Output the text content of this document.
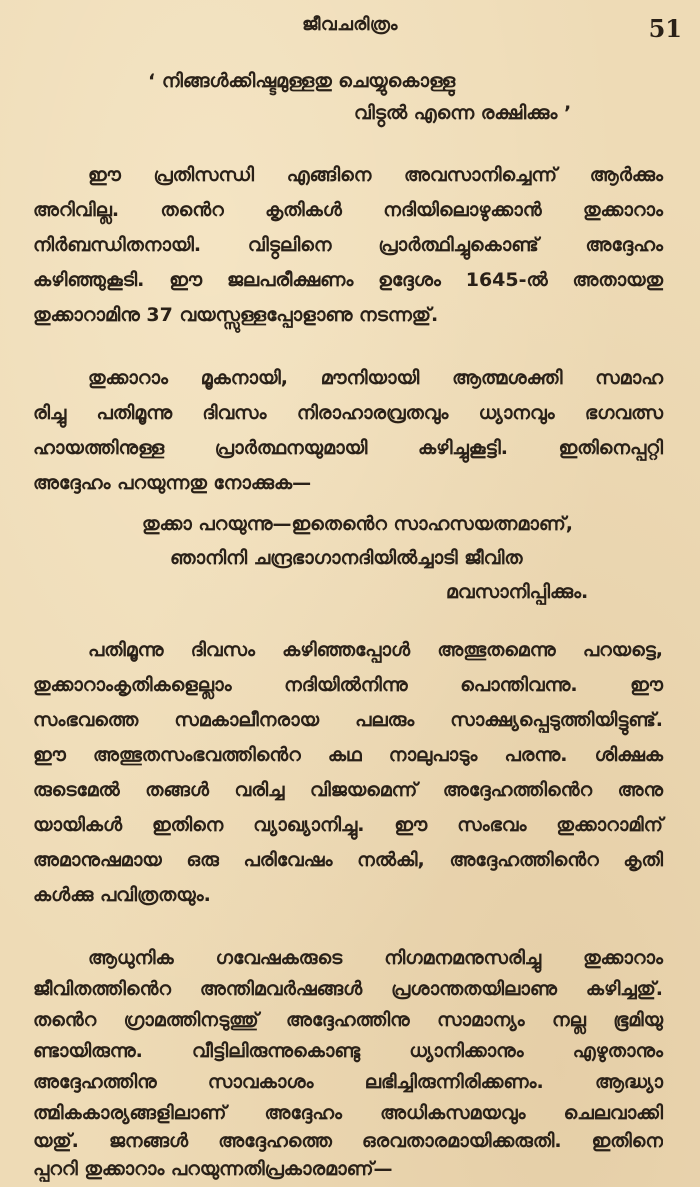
ജീവചരിത്രം	51
‘ നിങ്ങൾക്കിഷ്ടമുള്ളതു ചെയ്യുകൊള്ളു
വിട്ഠൽ എന്നെ രക്ഷിക്കും ’
ഈ പ്രതിസന്ധി എങ്ങിനെ അവസാനിച്ചെന്ന് ആർക്കും
അറിവില്ല. തൻെറ കൃതികൾ നദിയിലൊഴുക്കാൻ തുക്കാറാം
നിർബന്ധിതനായി. വിട്ഠലിനെ പ്രാർത്ഥിച്ചുകൊണ്ട് അദ്ദേഹം
കഴിഞ്ഞുകൂടി. ഈ ജലപരീക്ഷണം ഉദ്ദേശം 1645-ൽ അതായതു
തുക്കാറാമിനു 37 വയസ്സുള്ളപ്പോളാണു നടന്നതു്.
തുക്കാറാം മൂകനായി, മൗനിയായി ആത്മശക്തി സമാഹ
രിച്ചു പതിമൂന്നു ദിവസം നിരാഹാരവ്രതവും ധ്യാനവും ഭഗവത്സ
ഹായത്തിനുള്ള പ്രാർത്ഥനയുമായി കഴിച്ചുകൂട്ടി. ഇതിനെപ്പറ്റി
അദ്ദേഹം പറയുന്നതു നോക്കുക—
തുക്കാ പറയുന്നു—ഇതെൻെറ സാഹസയത്നമാണ്,
ഞാനിനി ചന്ദ്രഭാഗാനദിയിൽച്ചാടി ജീവിത
മവസാനിപ്പിക്കും.
പതിമൂന്നു ദിവസം കഴിഞ്ഞപ്പോൾ അത്ഭുതമെന്നു പറയട്ടെ,
തുക്കാറാംകൃതികളെല്ലാം നദിയിൽനിന്നു പൊന്തിവന്നു. ഈ
സംഭവത്തെ സമകാലീനരായ പലരും സാക്ഷ്യപ്പെടുത്തിയിട്ടുണ്ട്.
ഈ അത്ഭുതസംഭവത്തിൻെറ കഥ നാലുപാടും പരന്നു. ശിക്ഷക
രുടെമേൽ തങ്ങൾ വരിച്ച വിജയമെന്ന് അദ്ദേഹത്തിൻെറ അനു
യായികൾ ഇതിനെ വ്യാഖ്യാനിച്ചു. ഈ സംഭവം തുക്കാറാമിന്
അമാനുഷമായ ഒരു പരിവേഷം നൽകി, അദ്ദേഹത്തിൻെറ കൃതി
കൾക്കു പവിത്രതയും.
ആധുനിക ഗവേഷകരുടെ നിഗമനമനുസരിച്ചു തുക്കാറാം
ജീവിതത്തിൻെറ അന്തിമവർഷങ്ങൾ പ്രശാന്തതയിലാണു കഴിച്ചതു്.
തൻെറ ഗ്രാമത്തിനടുത്തു് അദ്ദേഹത്തിനു സാമാന്യം നല്ല ഭൂമിയു
ണ്ടായിരുന്നു. വീട്ടിലിരുന്നുകൊണ്ടു ധ്യാനിക്കാനും എഴുതാനും
അദ്ദേഹത്തിനു സാവകാശം ലഭിച്ചിരുന്നിരിക്കണം. ആദ്ധ്യാ
ത്മികകാര്യങ്ങളിലാണ് അദ്ദേഹം അധികസമയവും ചെലവാക്കി
യതു്. ജനങ്ങൾ അദ്ദേഹത്തെ ഒരവതാരമായിക്കരുതി. ഇതിനെ
പ്പററി തുക്കാറാം പറയുന്നതിപ്രകാരമാണ്—
